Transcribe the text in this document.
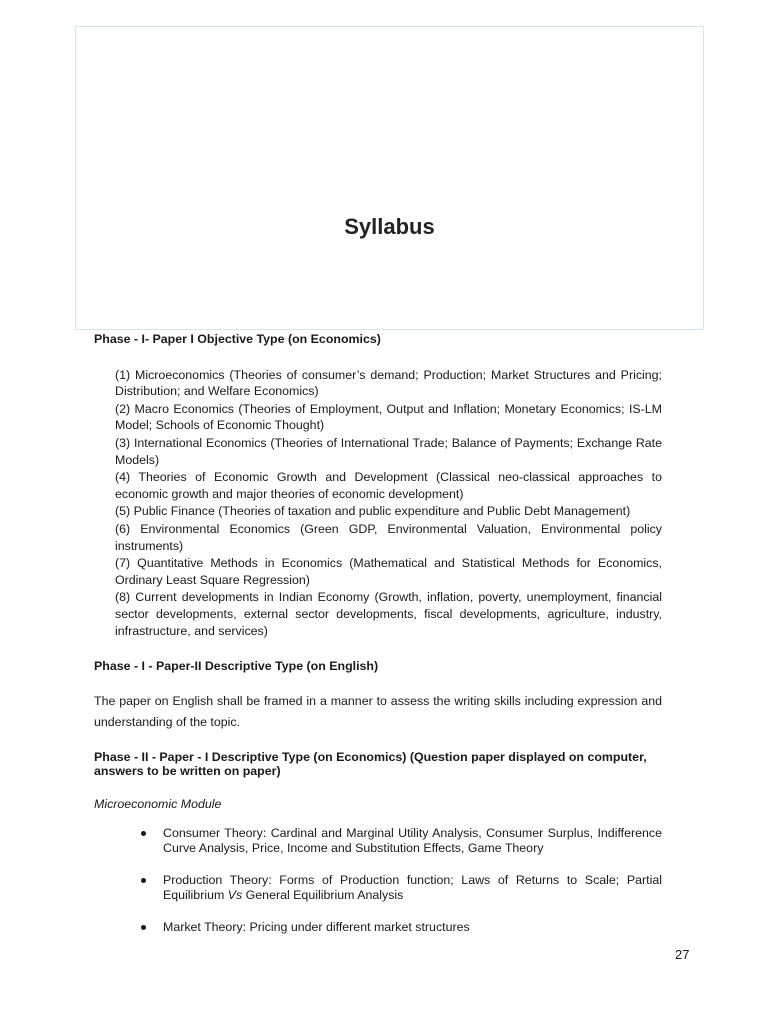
Syllabus

Phase - I- Paper I Objective Type (on Economics)

(1) Microeconomics (Theories of consumer’s demand; Production; Market Structures and Pricing; Distribution; and Welfare Economics)
(2) Macro Economics (Theories of Employment, Output and Inflation; Monetary Economics; IS-LM Model; Schools of Economic Thought)
(3) International Economics (Theories of International Trade; Balance of Payments; Exchange Rate Models)
(4) Theories of Economic Growth and Development (Classical neo-classical approaches to economic growth and major theories of economic development)
(5) Public Finance (Theories of taxation and public expenditure and Public Debt Management)
(6) Environmental Economics (Green GDP, Environmental Valuation, Environmental policy instruments)
(7) Quantitative Methods in Economics (Mathematical and Statistical Methods for Economics, Ordinary Least Square Regression)
(8) Current developments in Indian Economy (Growth, inflation, poverty, unemployment, financial sector developments, external sector developments, fiscal developments, agriculture, industry, infrastructure, and services)

Phase - I - Paper-II Descriptive Type (on English)

The paper on English shall be framed in a manner to assess the writing skills including expression and understanding of the topic.

Phase - II - Paper - I Descriptive Type (on Economics) (Question paper displayed on computer, answers to be written on paper)

Microeconomic Module

Consumer Theory: Cardinal and Marginal Utility Analysis, Consumer Surplus, Indifference Curve Analysis, Price, Income and Substitution Effects, Game Theory
Production Theory: Forms of Production function; Laws of Returns to Scale; Partial Equilibrium Vs General Equilibrium Analysis
Market Theory: Pricing under different market structures
27
